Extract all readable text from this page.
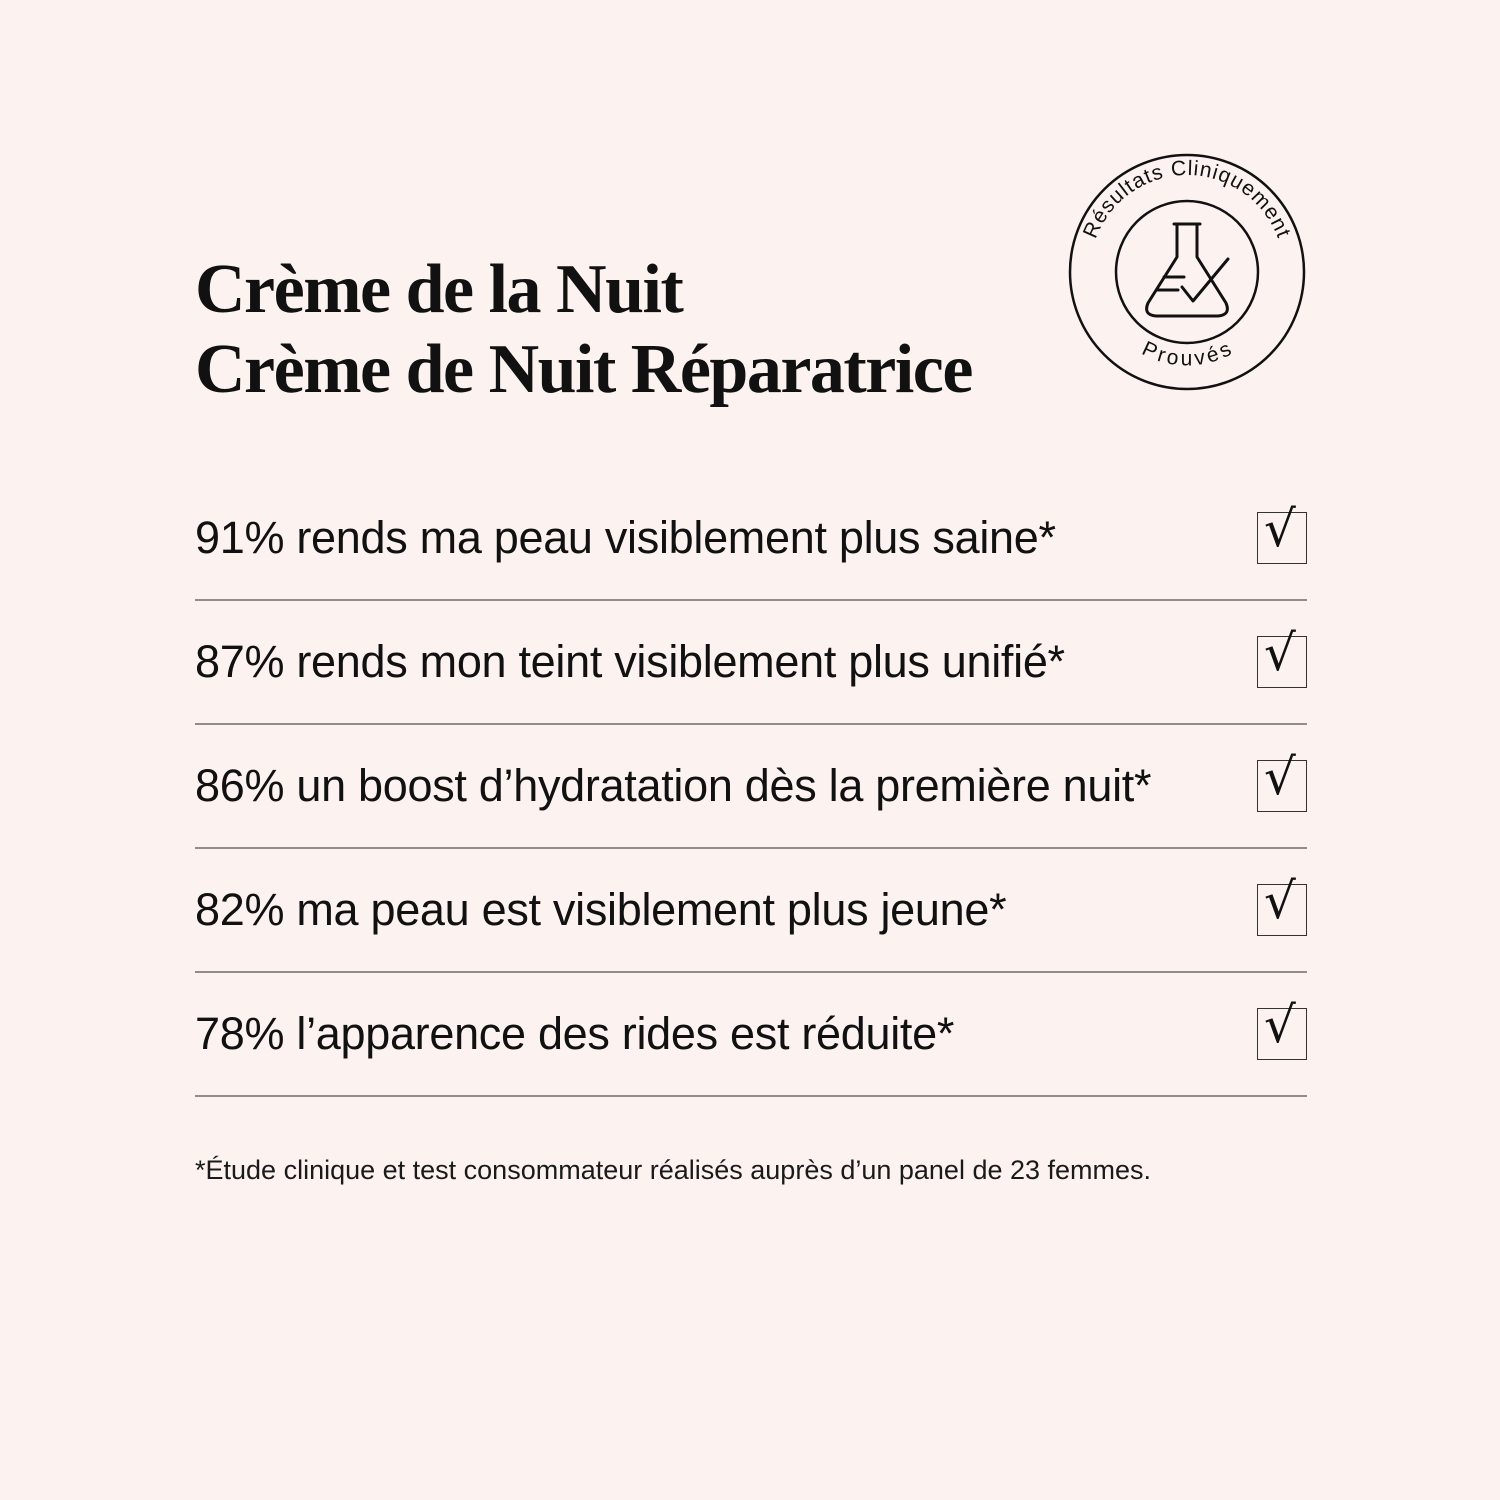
Crème de la Nuit
Crème de Nuit Réparatrice
Résultats Cliniquement
Prouvés
91% rends ma peau visiblement plus saine*	√
87% rends mon teint visiblement plus unifié*	√
86% un boost d’hydratation dès la première nuit* √
82% ma peau est visiblement plus jeune*	√
78% l’apparence des rides est réduite*	√

*Étude clinique et test consommateur réalisés auprès d’un panel de 23 femmes.
